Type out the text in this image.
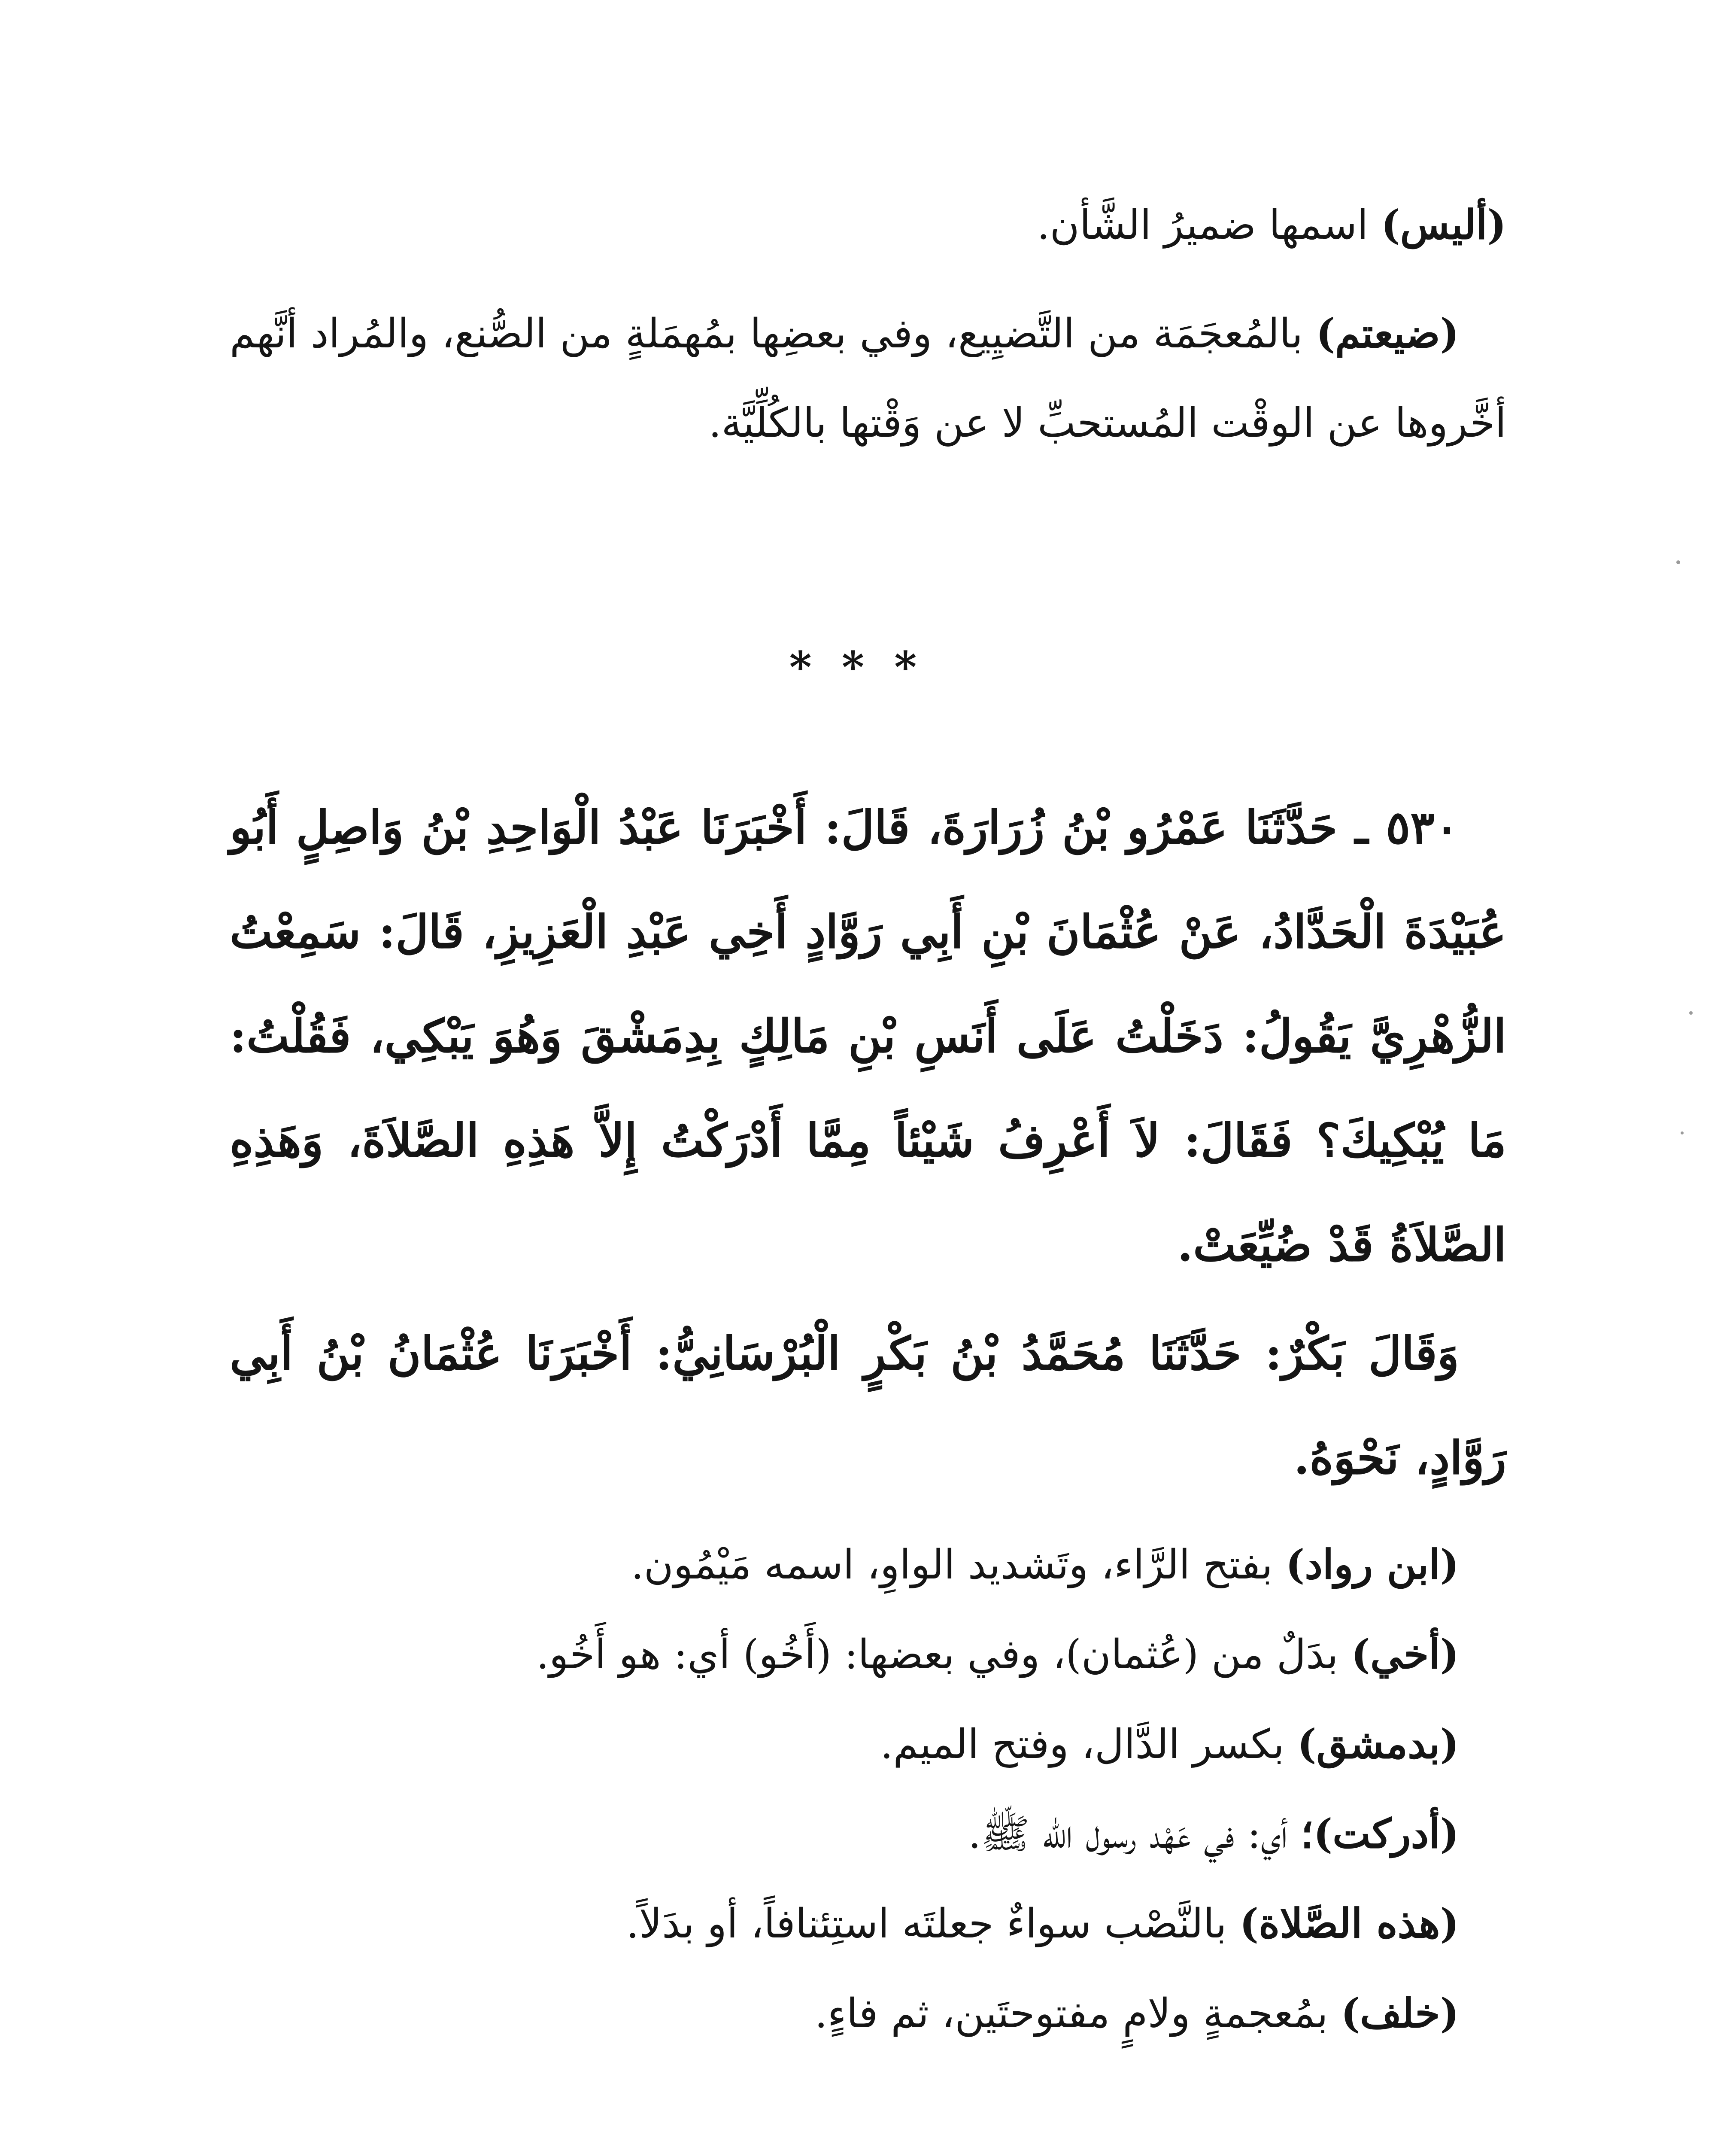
(أليس) اسمها ضميرُ الشَّأن.

(ضيعتم) بالمُعجَمَة من التَّضيِيع، وفي بعضِها بمُهمَلةٍ من الصُّنع، والمُراد أنَّهم أخَّروها عن الوقْت المُستحبِّ لا عن وَقْتها بالكُلِّيَّة.

***

٥٣٠ ـ حَدَّثَنَا عَمْرُو بْنُ زُرَارَةَ، قَالَ: أَخْبَرَنَا عَبْدُ الْوَاحِدِ بْنُ وَاصِلٍ أَبُو عُبَيْدَةَ الْحَدَّادُ، عَنْ عُثْمَانَ بْنِ أَبِي رَوَّادٍ أَخِي عَبْدِ الْعَزِيزِ، قَالَ: سَمِعْتُ الزُّهْرِيَّ يَقُولُ: دَخَلْتُ عَلَى أَنَسِ بْنِ مَالِكٍ بِدِمَشْقَ وَهُوَ يَبْكِي، فَقُلْتُ: مَا يُبْكِيكَ؟ فَقَالَ: لاَ أَعْرِفُ شَيْئاً مِمَّا أَدْرَكْتُ إِلاَّ هَذِهِ الصَّلاَةَ، وَهَذِهِ الصَّلاَةُ قَدْ ضُيِّعَتْ.

وَقَالَ بَكْرٌ: حَدَّثَنَا مُحَمَّدُ بْنُ بَكْرٍ الْبُرْسَانِيُّ: أَخْبَرَنَا عُثْمَانُ بْنُ أَبِي رَوَّادٍ، نَحْوَهُ.

(ابن رواد) بفتح الرَّاء، وتَشديد الواوِ، اسمه مَيْمُون.

(أخي) بدَلٌ من (عُثمان)، وفي بعضها: (أَخُو) أي: هو أَخُو.

(بدمشق) بكسر الدَّال، وفتح الميم.

(أدركت)؛ أي: في عَهْد رسول الله ﷺ.

(هذه الصَّلاة) بالنَّصْب سواءٌ جعلتَه استِئنافاً، أو بدَلاً.

(خلف) بمُعجمةٍ ولامٍ مفتوحتَين، ثم فاءٍ.
